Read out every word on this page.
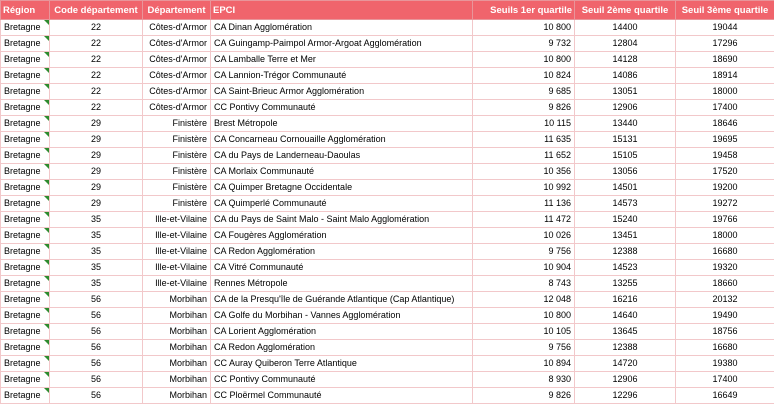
Région	Code département	Département	EPCI	Seuils 1er quartile	Seuil 2ème quartile	Seuil 3ème quartile
Bretagne	22	Côtes-d'Armor	CA Dinan Agglomération	10 800	14400	19044
Bretagne	22	Côtes-d'Armor	CA Guingamp-Paimpol Armor-Argoat Agglomération	9 732	12804	17296
Bretagne	22	Côtes-d'Armor	CA Lamballe Terre et Mer	10 800	14128	18690
Bretagne	22	Côtes-d'Armor	CA Lannion-Trégor Communauté	10 824	14086	18914
Bretagne	22	Côtes-d'Armor	CA Saint-Brieuc Armor Agglomération	9 685	13051	18000
Bretagne	22	Côtes-d'Armor	CC Pontivy Communauté	9 826	12906	17400
Bretagne	29	Finistère	Brest Métropole	10 115	13440	18646
Bretagne	29	Finistère	CA Concarneau Cornouaille Agglomération	11 635	15131	19695
Bretagne	29	Finistère	CA du Pays de Landerneau-Daoulas	11 652	15105	19458
Bretagne	29	Finistère	CA Morlaix Communauté	10 356	13056	17520
Bretagne	29	Finistère	CA Quimper Bretagne Occidentale	10 992	14501	19200
Bretagne	29	Finistère	CA Quimperlé Communauté	11 136	14573	19272
Bretagne	35	Ille-et-Vilaine	CA du Pays de Saint Malo - Saint Malo Agglomération	11 472	15240	19766
Bretagne	35	Ille-et-Vilaine	CA Fougères Agglomération	10 026	13451	18000
Bretagne	35	Ille-et-Vilaine	CA Redon Agglomération	9 756	12388	16680
Bretagne	35	Ille-et-Vilaine	CA Vitré Communauté	10 904	14523	19320
Bretagne	35	Ille-et-Vilaine	Rennes Métropole	8 743	13255	18660
Bretagne	56	Morbihan	CA de la Presqu'île de Guérande Atlantique (Cap Atlantique)	12 048	16216	20132
Bretagne	56	Morbihan	CA Golfe du Morbihan - Vannes Agglomération	10 800	14640	19490
Bretagne	56	Morbihan	CA Lorient Agglomération	10 105	13645	18756
Bretagne	56	Morbihan	CA Redon Agglomération	9 756	12388	16680
Bretagne	56	Morbihan	CC Auray Quiberon Terre Atlantique	10 894	14720	19380
Bretagne	56	Morbihan	CC Pontivy Communauté	8 930	12906	17400
Bretagne	56	Morbihan	CC Ploërmel Communauté	9 826	12296	16649
